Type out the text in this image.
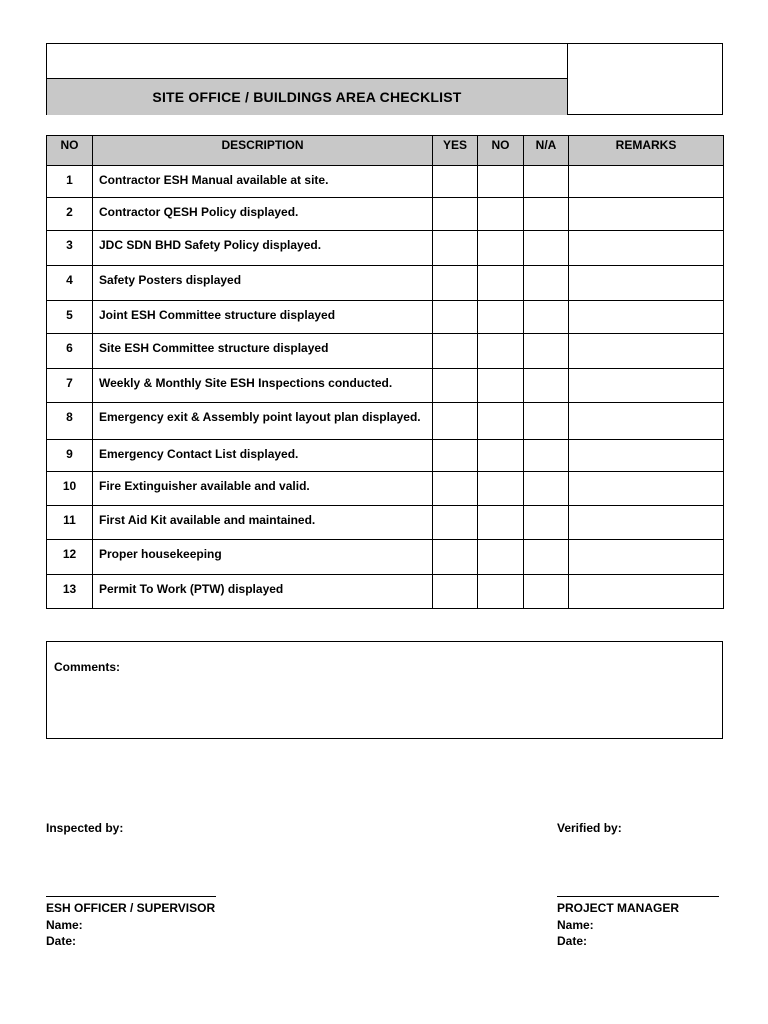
SITE OFFICE / BUILDINGS AREA CHECKLIST
NO	DESCRIPTION	YES	NO	N/A	REMARKS
1	Contractor ESH Manual available at site.				
2	Contractor QESH Policy displayed.				
3	JDC SDN BHD Safety Policy displayed.				
4	Safety Posters displayed				
5	Joint ESH Committee structure displayed				
6	Site ESH Committee structure displayed				
7	Weekly & Monthly Site ESH Inspections conducted.				
8	Emergency exit & Assembly point layout plan displayed.				
9	Emergency Contact List displayed.				
10	Fire Extinguisher available and valid.				
11	First Aid Kit available and maintained.				
12	Proper housekeeping				
13	Permit To Work (PTW) displayed				
Comments:
Inspected by:
ESH OFFICER / SUPERVISOR
Name:
Date:
Verified by:
PROJECT MANAGER
Name:
Date:
